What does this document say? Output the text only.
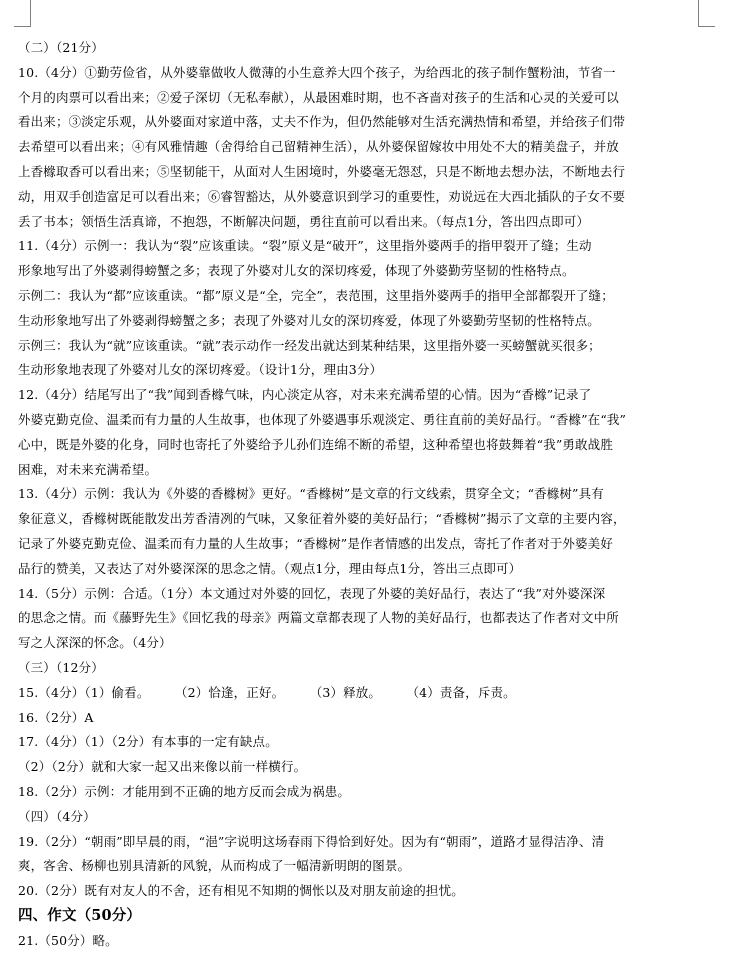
（二）（21分）
10.（4分）①勤劳俭省，从外婆靠做收人微薄的小生意养大四个孩子，为给西北的孩子制作蟹粉油，节省一
个月的肉票可以看出来；②爱子深切（无私奉献），从最困难时期，也不吝啬对孩子的生活和心灵的关爱可以
看出来；③淡定乐观，从外婆面对家道中落，丈夫不作为，但仍然能够对生活充满热情和希望，并给孩子们带
去希望可以看出来；④有风雅情趣（舍得给自己留精神生活），从外婆保留嫁妆中用处不大的精美盘子，并放
上香橼取香可以看出来；⑤坚韧能干，从面对人生困境时，外婆毫无怨怼，只是不断地去想办法，不断地去行
动，用双手创造富足可以看出来；⑥睿智豁达，从外婆意识到学习的重要性，劝说远在大西北插队的子女不要
丢了书本；领悟生活真谛，不抱怨，不断解决问题，勇往直前可以看出来。（每点1分，答出四点即可）
11.（4分）示例一：我认为“裂”应该重读。“裂”原义是“破开”，这里指外婆两手的指甲裂开了缝；生动
形象地写出了外婆剥得螃蟹之多；表现了外婆对儿女的深切疼爱，体现了外婆勤劳坚韧的性格特点。
示例二：我认为“都”应该重读。“都”原义是“全，完全”，表范围，这里指外婆两手的指甲全部都裂开了缝；
生动形象地写出了外婆剥得螃蟹之多；表现了外婆对儿女的深切疼爱，体现了外婆勤劳坚韧的性格特点。
示例三：我认为“就”应该重读。“就”表示动作一经发出就达到某种结果，这里指外婆一买螃蟹就买很多；
生动形象地表现了外婆对儿女的深切疼爱。（设计1分，理由3分）
12.（4分）结尾写出了“我”闻到香橼气味，内心淡定从容，对未来充满希望的心情。因为“香橼”记录了
外婆克勤克俭、温柔而有力量的人生故事，也体现了外婆遇事乐观淡定、勇往直前的美好品行。“香橼”在“我”
心中，既是外婆的化身，同时也寄托了外婆给予儿孙们连绵不断的希望，这种希望也将鼓舞着“我”勇敢战胜
困难，对未来充满希望。
13.（4分）示例：我认为《外婆的香橼树》更好。“香橼树”是文章的行文线索，贯穿全文；“香橼树”具有
象征意义，香橼树既能散发出芳香清冽的气味，又象征着外婆的美好品行；“香橼树”揭示了文章的主要内容，
记录了外婆克勤克俭、温柔而有力量的人生故事；“香橼树”是作者情感的出发点，寄托了作者对于外婆美好
品行的赞美，又表达了对外婆深深的思念之情。（观点1分，理由每点1分，答出三点即可）
14.（5分）示例：合适。（1分）本文通过对外婆的回忆，表现了外婆的美好品行，表达了“我”对外婆深深
的思念之情。而《藤野先生》《回忆我的母亲》两篇文章都表现了人物的美好品行，也都表达了作者对文中所
写之人深深的怀念。（4分）
（三）（12分）
15.（4分）（1）偷看。　　　（2）恰逢，正好。　　　（3）释放。　　　（4）责备，斥责。
16.（2分）A
17.（4分）（1）（2分）有本事的一定有缺点。
（2）（2分）就和大家一起又出来像以前一样横行。
18.（2分）示例：才能用到不正确的地方反而会成为祸患。
（四）（4分）
19.（2分）“朝雨”即早晨的雨，“浥”字说明这场春雨下得恰到好处。因为有“朝雨”，道路才显得洁净、清
爽，客舍、杨柳也别具清新的风貌，从而构成了一幅清新明朗的图景。
20.（2分）既有对友人的不舍，还有相见不知期的惆怅以及对朋友前途的担忧。
四、作文（50分）
21.（50分）略。
